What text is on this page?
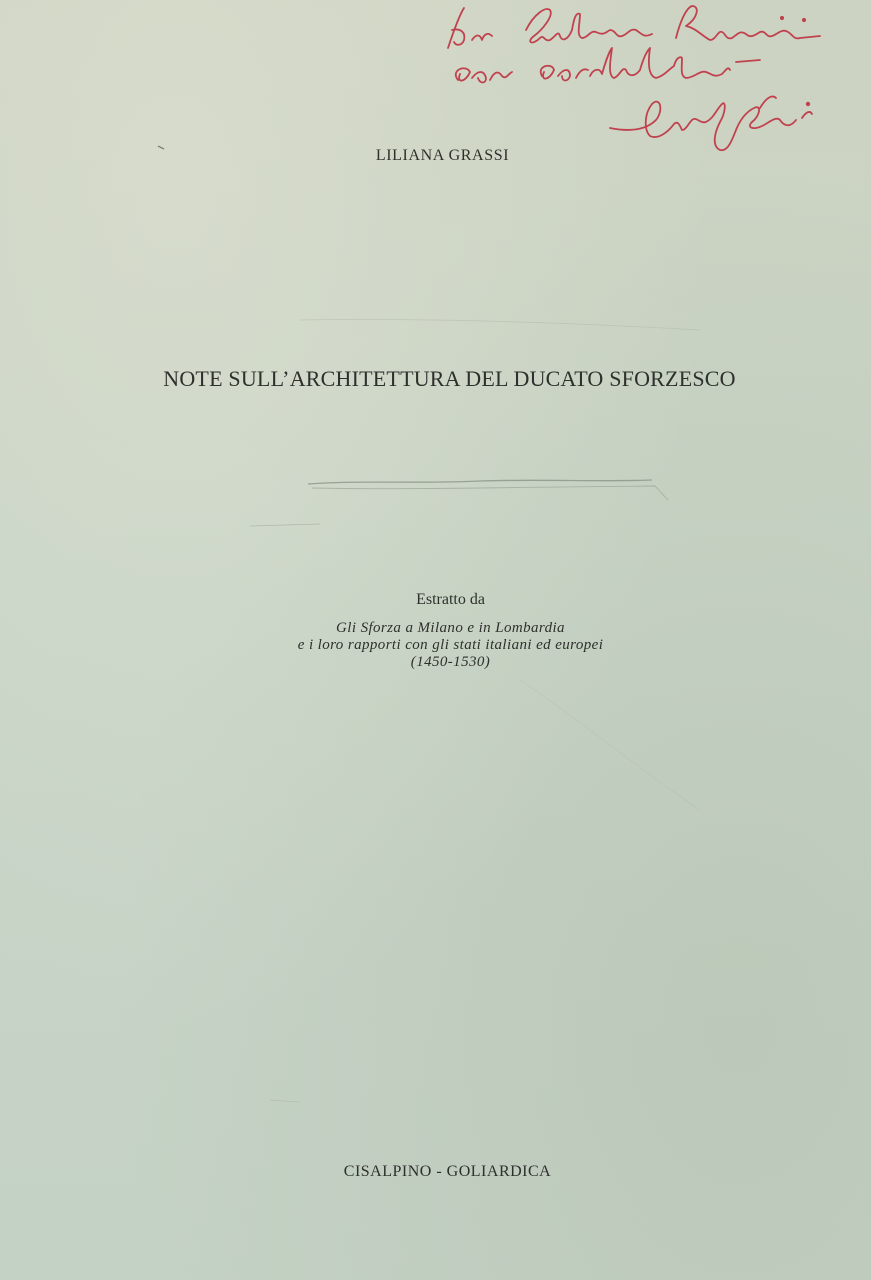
LILIANA GRASSI
NOTE SULL’ARCHITETTURA DEL DUCATO SFORZESCO
Estratto da
Gli Sforza a Milano e in Lombardia
e i loro rapporti con gli stati italiani ed europei
(1450-1530)
CISALPINO - GOLIARDICA
